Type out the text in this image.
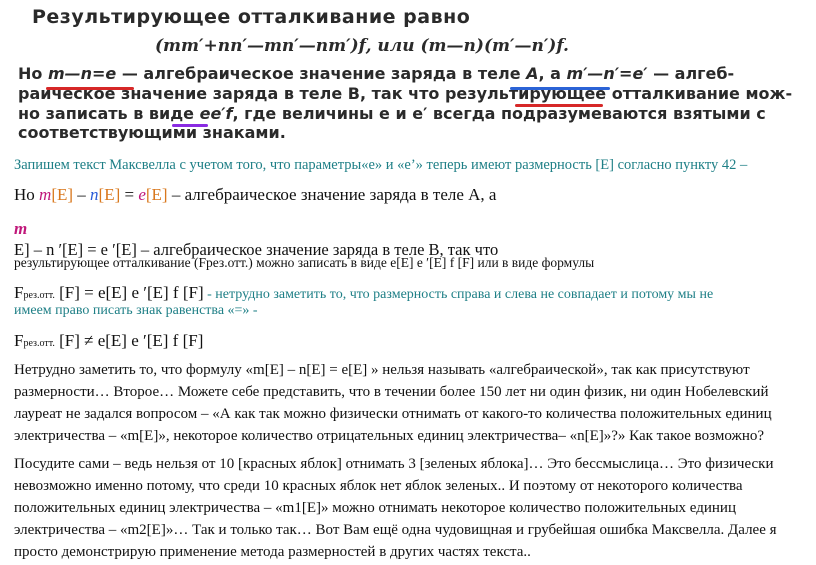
Результирующее отталкивание равно
(mm′+nn′—mn′—nm′)f, или (m—n)(m′—n′)f.
Но m—n=e — алгебраическое значение заряда в теле A, а m′—n′=e′ — алгеб-
раическое значение заряда в теле B, так что результирующее отталкивание мож-
но записать в виде ee′f, где величины e и e′ всегда подразумеваются взятыми с
соответствующими знаками.
Запишем текст Максвелла с учетом того, что параметры«е» и «е’» теперь имеют размерность [Е] согласно пункту 42 –
Но m[E] – n[E] = e[E] – алгебраическое значение заряда в теле A, а
m
E] – n ′[E] = e ′[E] – алгебраическое значение заряда в теле B, так что
результирующее отталкивание (Fрез.отт.) можно записать в виде e[E] e ′[E] f [F] или в виде формулы
Fрез.отт. [F] = e[E] e ′[E] f [F] - нетрудно заметить то, что размерность справа и слева не совпадает и потому мы не
имеем право писать знак равенства «=» -
Fрез.отт. [F] ≠ e[E] e ′[E] f [F]
Нетрудно заметить то, что формулу «m[E] – n[E] = e[E] » нельзя называть «алгебраической», так как присутствуют
размерности… Второе… Можете себе представить, что в течении более 150 лет ни один физик, ни один Нобелевский
лауреат не задался вопросом – «А как так можно физически отнимать от какого-то количества положительных единиц
электричества – «m[E]», некоторое количество отрицательных единиц электричества– «n[E]»?» Как такое возможно?
Посудите сами – ведь нельзя от 10 [красных яблок] отнимать 3 [зеленых яблока]… Это бессмыслица… Это физически
невозможно именно потому, что среди 10 красных яблок нет яблок зеленых.. И поэтому от некоторого количества
положительных единиц электричества – «m1[E]» можно отнимать некоторое количество положительных единиц
электричества – «m2[E]»… Так и только так… Вот Вам ещё одна чудовищная и грубейшая ошибка Максвелла. Далее я
просто демонстрирую применение метода размерностей в других частях текста..
